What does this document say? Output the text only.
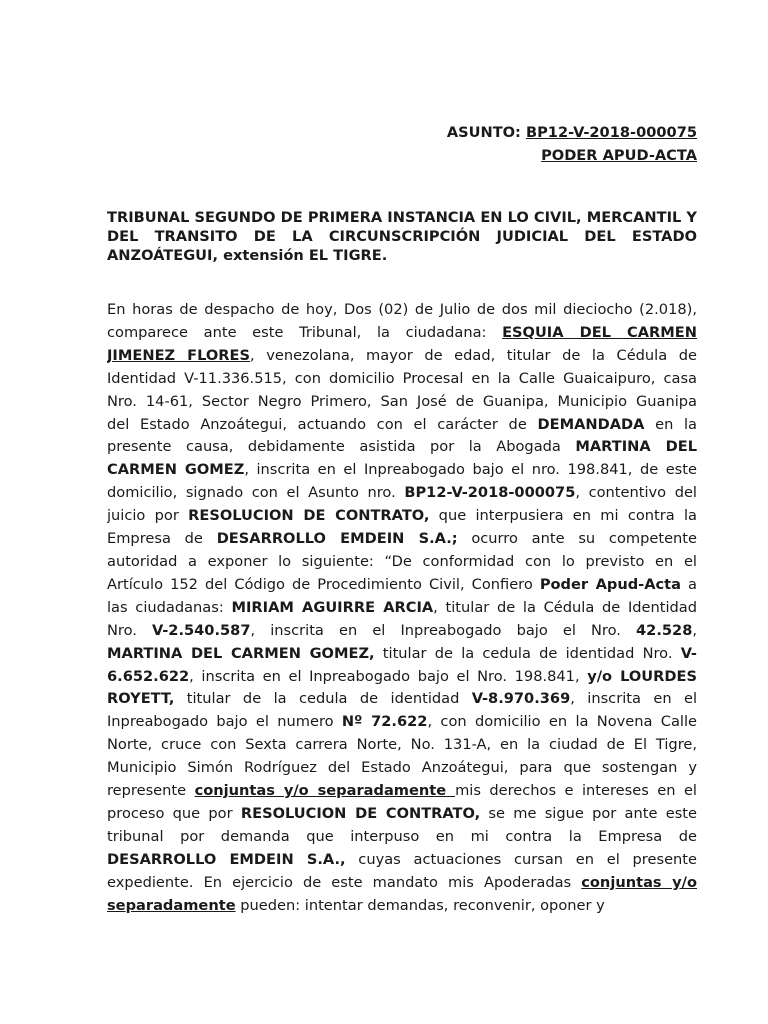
ASUNTO: BP12-V-2018-000075
PODER APUD-ACTA
TRIBUNAL SEGUNDO DE PRIMERA INSTANCIA EN LO CIVIL, MERCANTIL Y DEL TRANSITO DE LA CIRCUNSCRIPCIÓN JUDICIAL DEL ESTADO ANZOÁTEGUI, extensión EL TIGRE.
En horas de despacho de hoy, Dos (02) de Julio de dos mil dieciocho (2.018),
comparece ante este Tribunal, la ciudadana: ESQUIA DEL CARMEN
JIMENEZ FLORES, venezolana, mayor de edad, titular de la Cédula de
Identidad V-11.336.515, con domicilio Procesal en la Calle Guaicaipuro, casa
Nro. 14-61, Sector Negro Primero, San José de Guanipa, Municipio Guanipa
del Estado Anzoátegui, actuando con el carácter de DEMANDADA en la
presente causa, debidamente asistida por la Abogada MARTINA DEL
CARMEN GOMEZ, inscrita en el Inpreabogado bajo el nro. 198.841, de este
domicilio, signado con el Asunto nro. BP12-V-2018-000075, contentivo del
juicio por RESOLUCION DE CONTRATO, que interpusiera en mi contra la
Empresa de DESARROLLO EMDEIN S.A.; ocurro ante su competente
autoridad a exponer lo siguiente: “De conformidad con lo previsto en el
Artículo 152 del Código de Procedimiento Civil, Confiero Poder Apud-Acta a
las ciudadanas: MIRIAM AGUIRRE ARCIA, titular de la Cédula de Identidad
Nro. V-2.540.587, inscrita en el Inpreabogado bajo el Nro. 42.528,
MARTINA DEL CARMEN GOMEZ, titular de la cedula de identidad Nro. V-
6.652.622, inscrita en el Inpreabogado bajo el Nro. 198.841, y/o LOURDES
ROYETT, titular de la cedula de identidad V-8.970.369, inscrita en el
Inpreabogado bajo el numero Nº 72.622, con domicilio en la Novena Calle
Norte, cruce con Sexta carrera Norte, No. 131-A, en la ciudad de El Tigre,
Municipio Simón Rodríguez del Estado Anzoátegui, para que sostengan y
represente conjuntas y/o separadamente mis derechos e intereses en el
proceso que por RESOLUCION DE CONTRATO, se me sigue por ante este
tribunal por demanda que interpuso en mi contra la Empresa de
DESARROLLO EMDEIN S.A., cuyas actuaciones cursan en el presente
expediente. En ejercicio de este mandato mis Apoderadas conjuntas y/o
separadamente pueden: intentar demandas, reconvenir, oponer y
